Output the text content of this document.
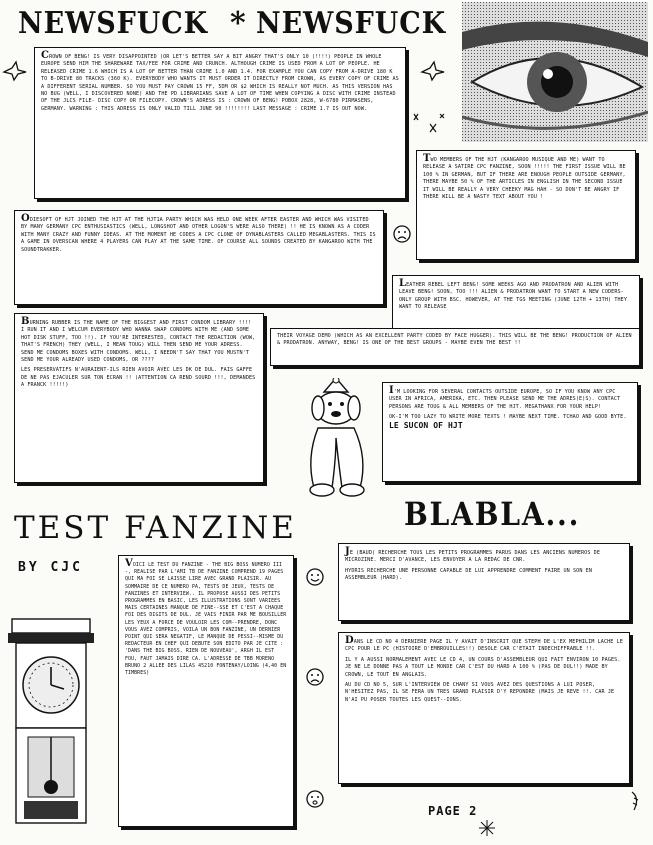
NEWSFUCK * NEWSFUCK
CROWN OF BENG! IS VERY DISAPPOINTED (OR LET'S BETTER SAY A BIT ANGRY THAT'S ONLY 10 (!!!!) PEOPLE IN WHOLE EUROPE SEND HIM THE SHAREWARE TAX/FEE FOR CRIME AND CRUNCH. ALTHOUGH CRIME IS USED FROM A LOT OF PEOPLE. HE RELEASED CRIME 1.6 WHICH IS A LOT OF BETTER THAN CRIME 1.0 AND 1.4. FOR EXAMPLE YOU CAN COPY FROM A-DRIVE 180 K TO B-DRIVE 80 TRACKS (360 K). EVERYBODY WHO WANTS IT MUST ORDER IT DIRECTLY FROM CROWN, AS EVERY COPY OF CRIME AS A DIFFERENT SERIAL NUMBER. SO YOU MUST PAY CROWN 15 FF, 5DM OR $2 WHICH IS REALLY NOT MUCH. AS THIS VERSION HAS NO BUG (WELL, I DISCOVERED NONE) AND THE PD LIBRARIANS SAVE A LOT OF TIME WHEN COPYING A DISC WITH CRIME INSTEAD OF THE JLCS FILE- DISC COPY OR FILECOPY. CROWN'S ADRESS IS : CROWN OF BENG! POBOX 2828, W-6780 PIRMASENS, GERMANY. WARNING : THIS ADRESS IS ONLY VALID TILL JUNE 90 !!!!!!!! LAST MESSAGE : CRIME 1.7 IS OUT NOW.
TWO MEMBERS OF THE HJT (KANGAROO MUSIQUE AND ME) WANT TO RELEASE A SATIRE CPC FANZINE, SOON !!!!! THE FIRST ISSUE WILL BE 100 % IN GERMAN, BUT IF THERE ARE ENOUGH PEOPLE OUTSIDE GERMANY, THERE MAYBE 50 % OF THE ARTICLES IN ENGLISH IN THE SECOND ISSUE IT WILL BE REALLY A VERY CHEEKY MAG HAH - SO DON'T BE ANGRY IF THERE WILL BE A NASTY TEXT ABOUT YOU !
ODIESOFT OF HJT JOINED THE HJT AT THE HJT1A PARTY WHICH WAS HELD ONE WEEK AFTER EASTER AND WHICH WAS VISITED BY MANY GERMANY CPC ENTHUSIASTICS (WELL, LONGSHOT AND OTHER LOGON'S WERE ALSO THERE) !! HE IS KNOWN AS A CODER WITH MANY CRAZY AND FUNNY IDEAS. AT THE MOMENT HE CODES A CPC CLONE OF DYNABLASTERS CALLED MEGABLASTERS. THIS IS A GAME IN OVERSCAN WHERE 4 PLAYERS CAN PLAY AT THE SAME TIME. OF COURSE ALL SOUNDS CREATED BY KANGAROO WITH THE SOUNDTRAKKER.
LEATHER REBEL LEFT BENG! SOME WEEKS AGO AND PRODATRON AND ALIEN WITH LEAVE BENG! SOON, TOO !!! ALIEN & PRODATRON WANT TO START A NEW CODERS-ONLY GROUP WITH BSC. HOWEVER, AT THE TGS MEETING (JUNE 12TH + 13TH) THEY WANT TO RELEASE
THEIR VOYAGE DEMO (WHICH AS AN EXCELLENT PARTY CODED BY FACE HUGGER). THIS WILL BE THE BENG! PRODUCTION OF ALIEN & PRODATRON. ANYWAY, BENG! IS ONE OF THE BEST GROUPS - MAYBE EVEN THE BEST !!

BURNING RUBBER IS THE NAME OF THE BIGGEST AND FIRST CONDOM LIBRARY !!!! I RUN IT AND I WELCUM EVERYBODY WHO WANNA SWAP CONDOMS WITH ME (AND SOME HOT DISK STUFF, TOO !!). IF YOU'RE INTERESTED, CONTACT THE REDACTION (WOW, THAT'S FRENCH) THEY (WELL, I MEAN TOUG) WILL THEN SEND ME YOUR ADRESS. SEND ME CONDOMS BOXES WITH CONDOMS. WELL, I NEEDN'T SAY THAT YOU MUSTN'T SEND ME YOUR ALREADY USED CONDOMS, OR ????

LES PRESERVATIFS N'AURAIENT-ILS RIEN AVOIR AVEC LES DK DE DUL. FAIS GAFFE DE NE PAS EJACULER SUR TON ECRAN !! (ATTENTION CA REND SOURD !!!, DEMANDES A FRANCK !!!!!)	I'M LOOKING FOR SEVERAL CONTACTS OUTSIDE EUROPE, SO IF YOU KNOW ANY CPC USER IN AFRICA, AMERIKA, ETC. THEN PLEASE SEND ME THE ADRES(E)S). CONTACT PERSONS ARE TOUG & ALL MEMBERS OF THE HJT. MEGATHANX FOR YOUR HELP!

OK-I'M TOO LAZY TO WRITE MORE TEXTS ! MAYBE NEXT TIME. TCHAO AND GOOD BYTE. LE SUCON OF HJT

TEST FANZINE
BY CJC
BLABLA...
VOICI LE TEST DU FANZINE - THE BIG BOSS NUMERO III -, REALISE PAR L'AMI TB DE FANZINE COMPREND 19 PAGES QUI MA FOI SE LAISSE LIRE AVEC GRAND PLAISIR. AU SOMMAIRE DE CE NUMERO PA, TESTS DE JEUX, TESTS DE FANZINES ET INTERVIEW.. IL PROPOSE AUSSI DES PETITS PROGRAMMES EN BASIC, LES ILLUSTRATIONS SONT VARIEES MAIS CERTAINES MANQUE DE FINE--SSE ET C'EST A CHAQUE FOI DES DIGITS DE DUL. JE VAIS FINIR PAR ME BOUSILLER LES YEUX A FORCE DE VOULOIR LES COM--PRENDRE, DONC VOUS AVEZ COMPRIS, VOILA UN BON FANZINE, UN DERNIER POINT QUI SERA NEGATIF, LE MANQUE DE PESSI--MISME DU REDACTEUR EN CHEF QUI DEBUTE SON EDITO PAR JE CITE : 'DANS THE BIG BOSS, RIEN DE NOUVEAU', ARGH IL EST FOU, FAUT JAMAIS DIRE CA. L'ADRESSE DE TBB MORENO BRUNO 2 ALLEE DES LILAS 45210 FONTENAY/LOING (4,40 EN TIMBRES)

JE (BAUD) RECHERCHE TOUS LES PETITS PROGRAMMES PARUS DANS LES ANCIENS NUMEROS DE MICROZINE. MERCI D'AVANCE, LES ENVOYER A LA REDAC DE CNR.

HYDRIS RECHERCHE UNE PERSONNE CAPABLE DE LUI APPRENDRE COMMENT FAIRE UN SON EN ASSEMBLEUR (HARD).

DANS LE CD NO 4 DERNIERE PAGE IL Y AVAIT D'INSCRIT QUE STEPH DE L'EX MEPHILIM LACHE LE CPC POUR LE PC (HISTOIRE D'EMBROUILLES!!) DESOLE CAR C'ETAIT INDECHIFFRABLE !!.

IL Y A AUSSI NORMALEMENT AVEC LE CD 4, UN COURS D'ASSEMBLEUR QUI FAIT ENVIRON 10 PAGES. JE NE LE DONNE PAS A TOUT LE MONDE CAR C'EST DU HARD A 100 % (PAS DE DUL!!) MADE BY CROWN, LE TOUT EN ANGLAIS.

AU DU CD NO 5, SUR L'INTERVIEW DE CHANY SI VOUS AVEZ DES QUESTIONS A LUI POSER, N'HESITEZ PAS, IL SE FERA UN TRES GRAND PLAISIR D'Y REPONDRE (MAIS JE REVE !!. CAR JE N'AI PU POSER TOUTES LES QUEST--IONS.

PAGE 2
